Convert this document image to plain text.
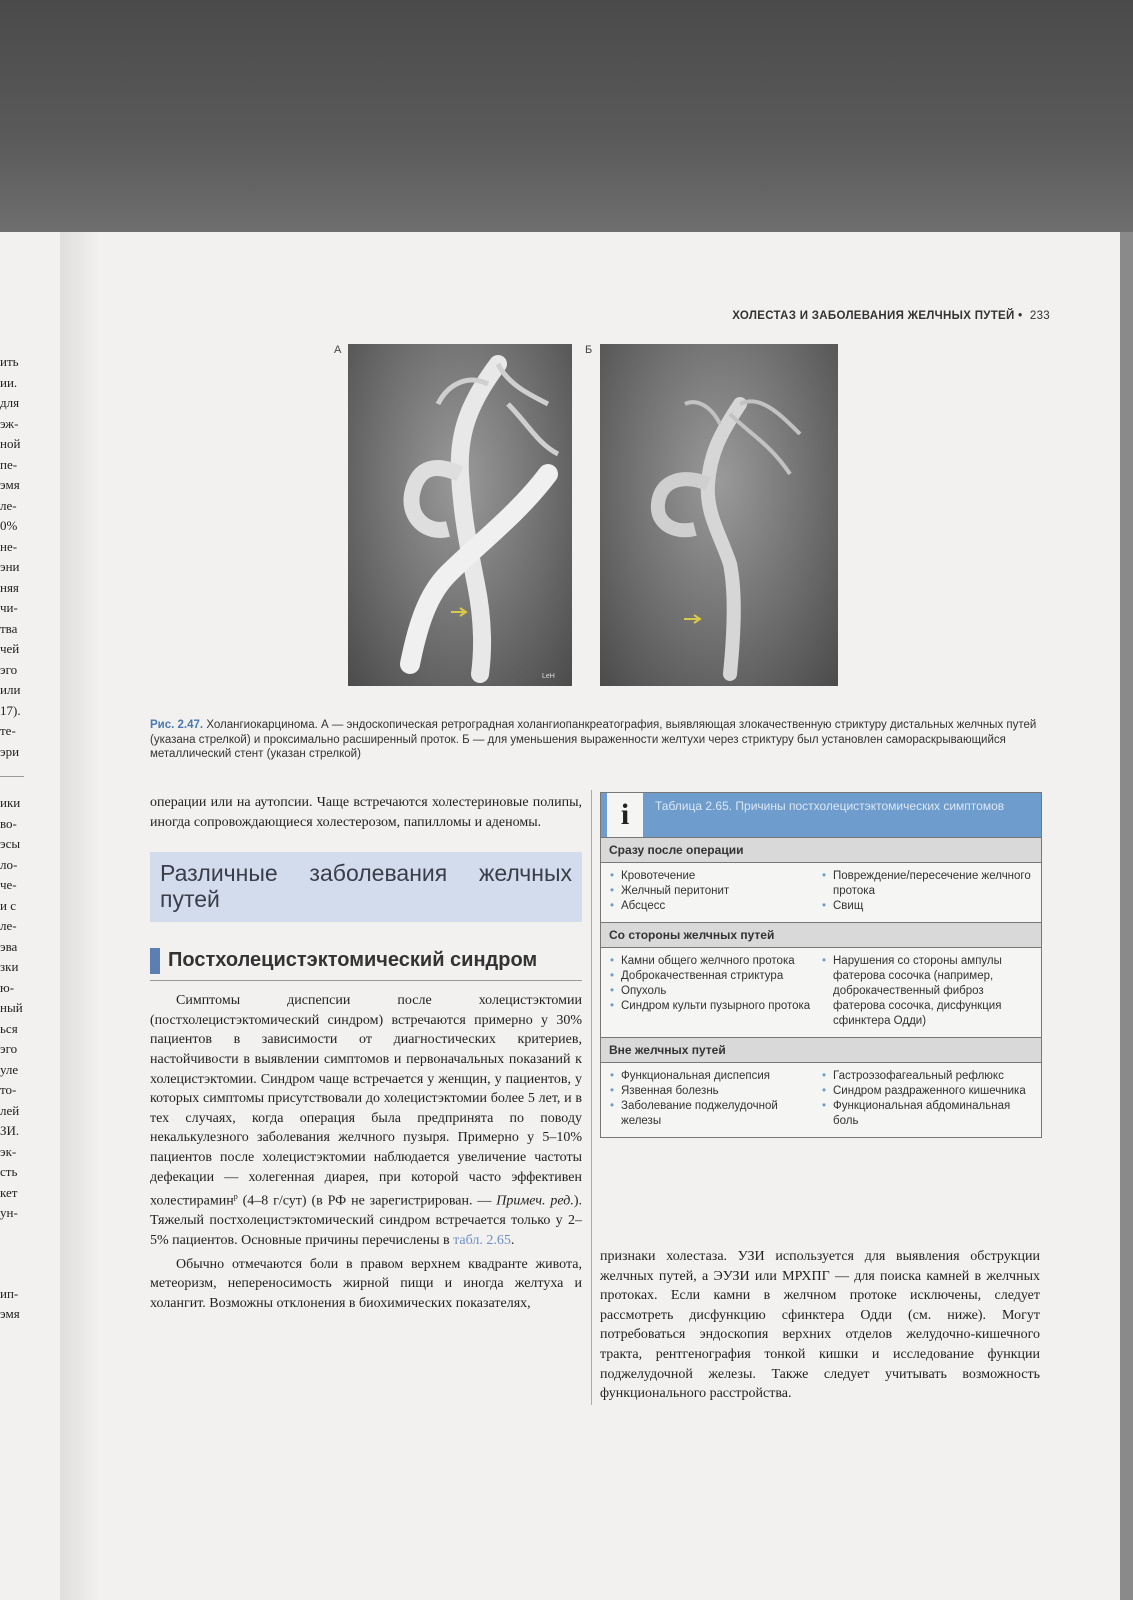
ить
ии.
для
эж-
ной
пе-
эмя
ле-
0%
не-
эни
няя
чи-
тва
чей
эго
или
17).
те-
эри
ики
во-
эсы
ло-
че-
и с
ле-
эва
зки
ю-
ный
ься
эго
уле
то-
лей
ЗИ.
эк-
сть
кет
ун-
ип-
эмя
ХОЛЕСТАЗ И ЗАБОЛЕВАНИЯ ЖЕЛЧНЫХ ПУТЕЙ • 233
А	Б
LeH
Рис. 2.47. Холангиокарцинома. А — эндоскопическая ретроградная холангиопанкреатография, выявляющая злокачественную стриктуру дистальных желчных путей (указана стрелкой) и проксимально расширенный проток. Б — для уменьшения выраженности желтухи через стриктуру был установлен самораскрывающийся металлический стент (указан стрелкой)

операции или на аутопсии. Чаще встречаются холестериновые полипы, иногда сопровождающиеся холестерозом, папилломы и аденомы.

Различные заболевания желчных путей
Постхолецистэктомический синдром

Симптомы диспепсии после холецистэктомии (постхолецистэктомический синдром) встречаются примерно у 30% пациентов в зависимости от диагностических критериев, настойчивости в выявлении симптомов и первоначальных показаний к холецистэктомии. Синдром чаще встречается у женщин, у пациентов, у которых симптомы присутствовали до холецистэктомии более 5 лет, и в тех случаях, когда операция была предпринята по поводу некалькулезного заболевания желчного пузыря. Примерно у 5–10% пациентов после холецистэктомии наблюдается увеличение частоты дефекации — холегенная диарея, при которой часто эффективен холестирамин$^р$ (4–8 г/сут) (в РФ не зарегистрирован. — Примеч. ред.). Тяжелый постхолецистэктомический синдром встречается только у 2–5% пациентов. Основные причины перечислены в табл. 2.65.

Обычно отмечаются боли в правом верхнем квадранте живота, метеоризм, непереносимость жирной пищи и иногда желтуха и холангит. Возможны отклонения в биохимических показателях,

i	Таблица 2.65. Причины постхолецистэктомических симптомов
Сразу после операции
• Кровотечение
• Желчный перитонит
• Абсцесс
• Повреждение/пересечение желчного протока
• Свищ
Со стороны желчных путей
• Камни общего желчного протока
• Доброкачественная стриктура
• Опухоль
• Синдром культи пузырного протока
• Нарушения со стороны ампулы фатерова сосочка (например, доброкачественный фиброз фатерова сосочка, дисфункция сфинктера Одди)
Вне желчных путей
• Функциональная диспепсия
• Язвенная болезнь
• Заболевание поджелудочной железы
• Гастроэзофагеальный рефлюкс
• Синдром раздраженного кишечника
• Функциональная абдоминальная боль

признаки холестаза. УЗИ используется для выявления обструкции желчных путей, а ЭУЗИ или МРХПГ — для поиска камней в желчных протоках. Если камни в желчном протоке исключены, следует рассмотреть дисфункцию сфинктера Одди (см. ниже). Могут потребоваться эндоскопия верхних отделов желудочно-кишечного тракта, рентгенография тонкой кишки и исследование функции поджелудочной железы. Также следует учитывать возможность функционального расстройства.
